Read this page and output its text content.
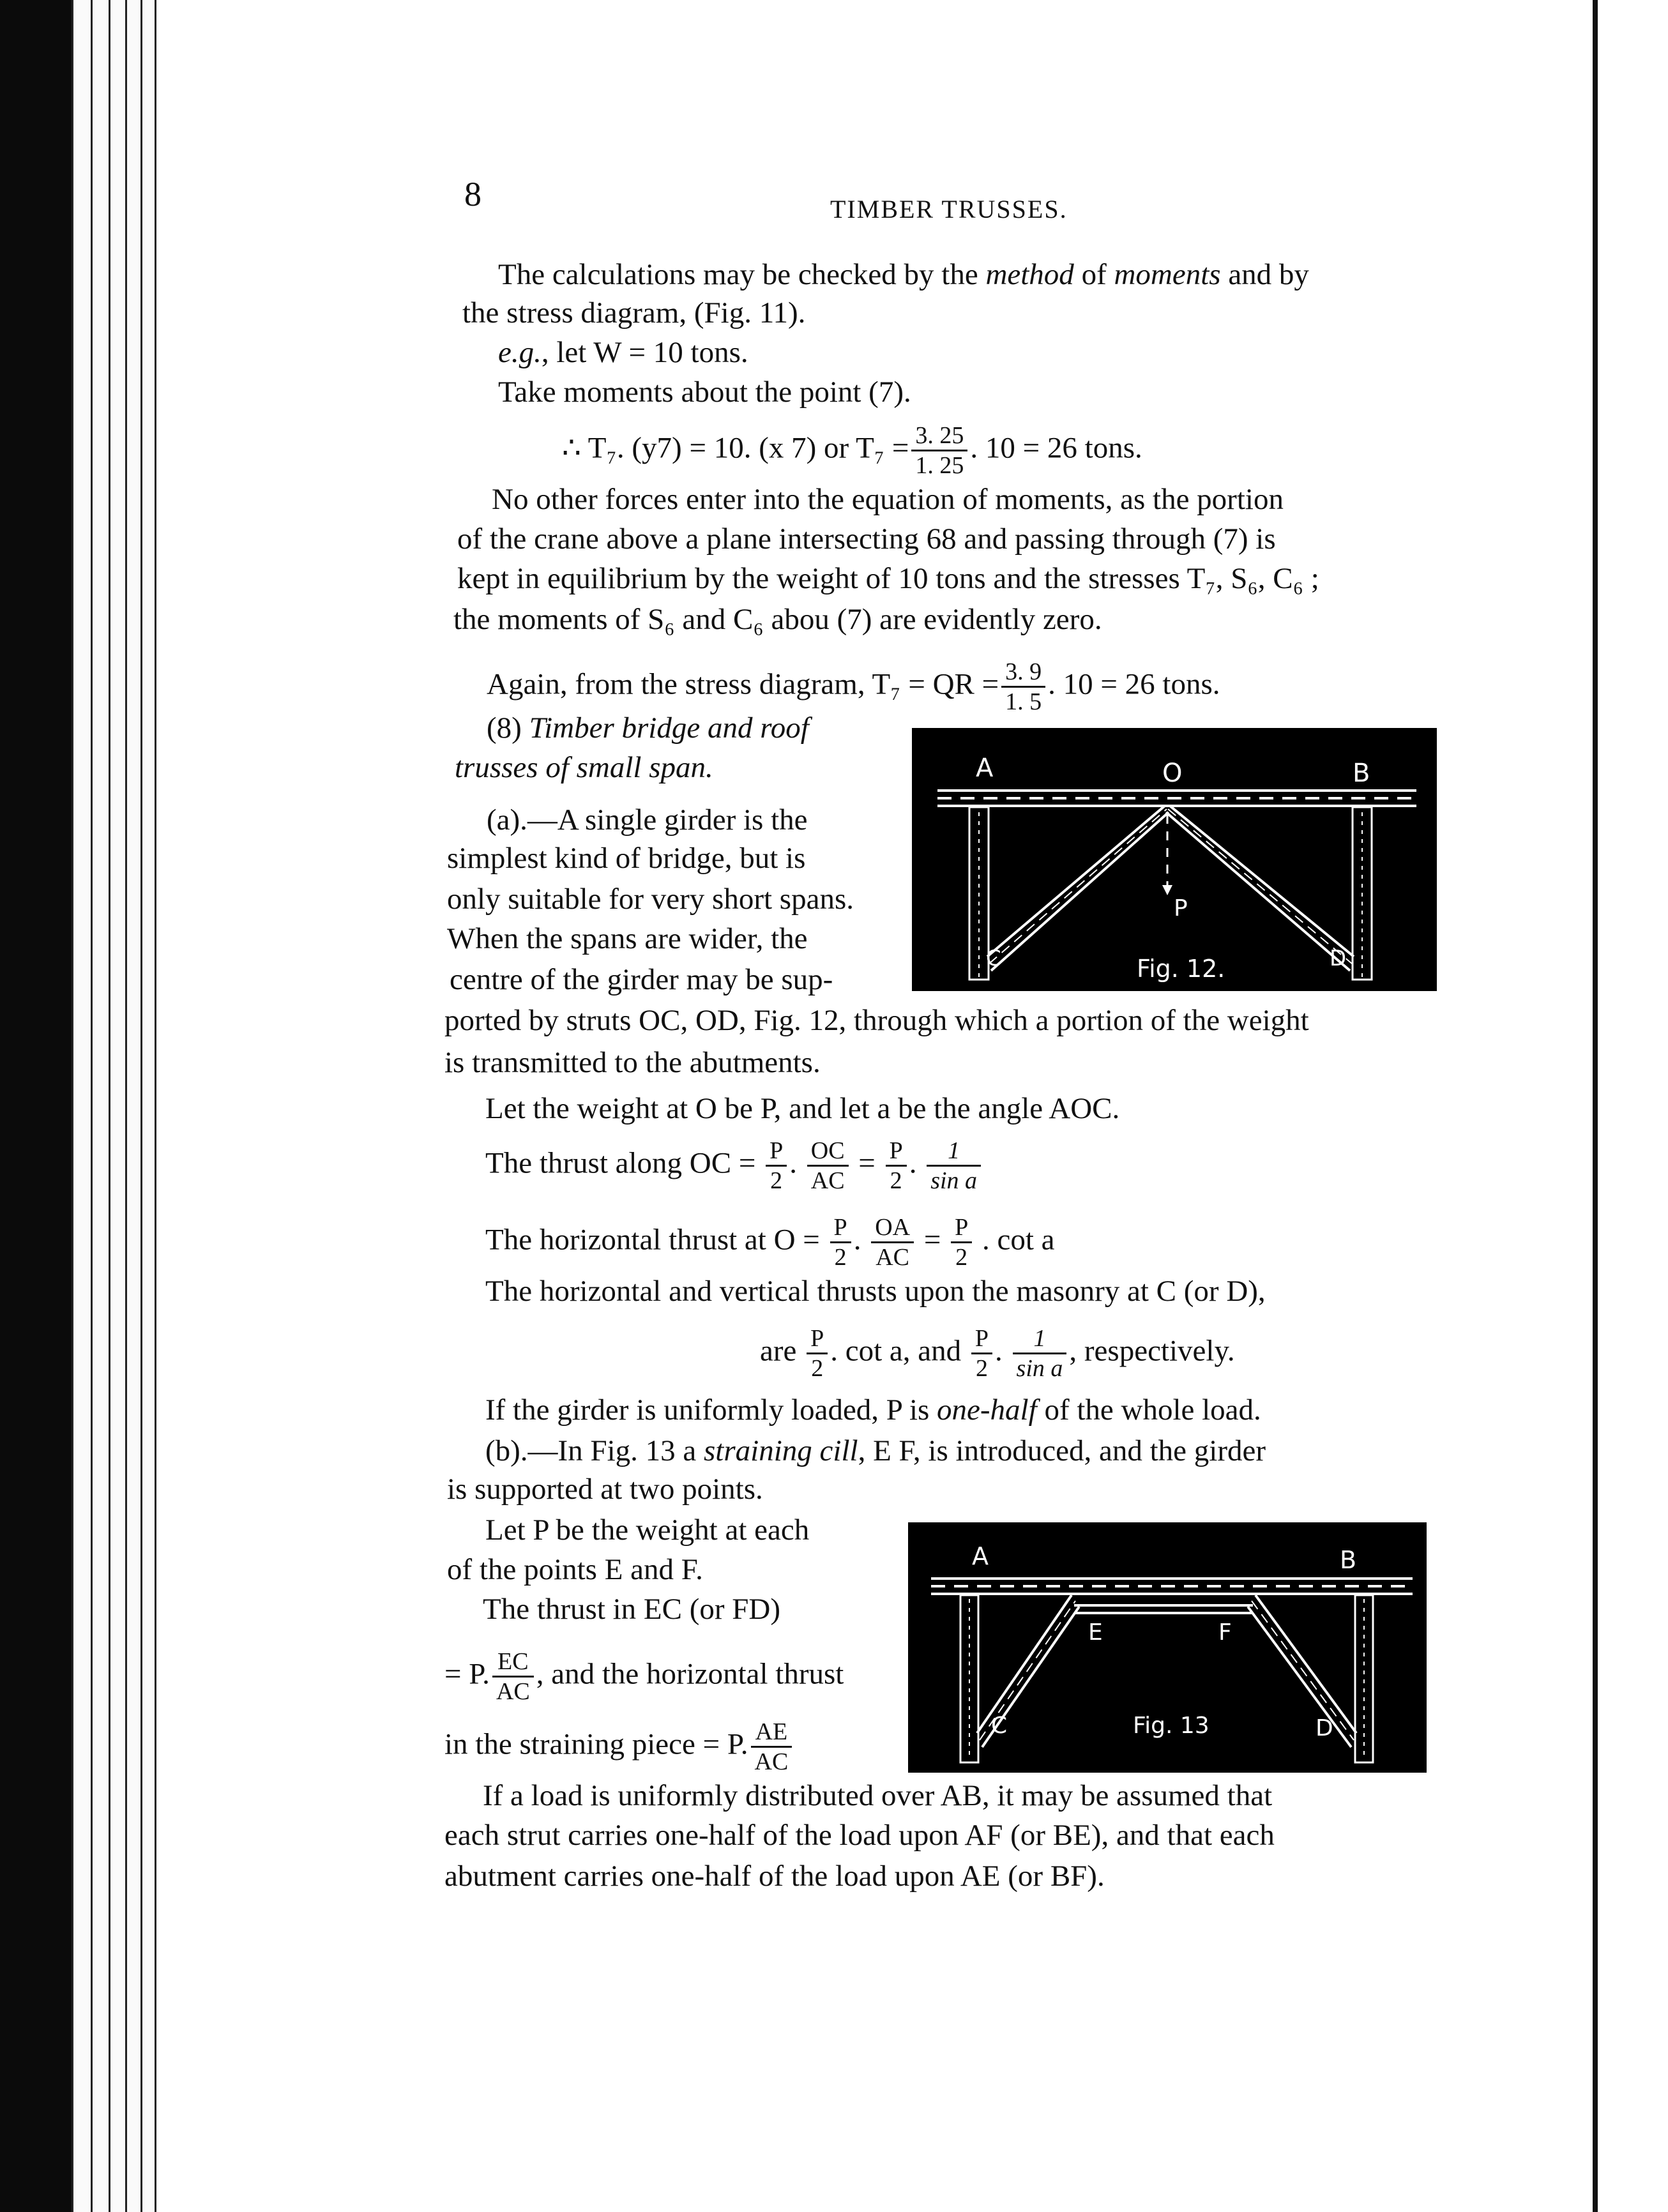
8	TIMBER TRUSSES.
The calculations may be checked by the method of moments and by
the stress diagram, (Fig. 11).
e.g., let W = 10 tons.
Take moments about the point (7).
∴ T₇. (y7) = 10. (x 7) or $T_7 = \frac{3. 25}{1. 25}$ . 10 = 26 tons.
No other forces enter into the equation of moments, as the portion
of the crane above a plane intersecting 68 and passing through (7) is
kept in equilibrium by the weight of 10 tons and the stresses T₇, S₆, C₆ ;
the moments of S₆ and C₆ abou (7) are evidently zero.
Again, from the stress diagram, T₇ = QR = $\frac{3. 9}{1. 5}$ . 10 = 26 tons.
(8) Timber bridge and roof
trusses of small span.
(a).—A single girder is the
simplest kind of bridge, but is
only suitable for very short spans.
When the spans are wider, the
centre of the girder may be sup-
A	O	B
P
C	D
Fig. 12.
ported by struts OC, OD, Fig. 12, through which a portion of the weight
is transmitted to the abutments.
Let the weight at O be P, and let a be the angle AOC.
The thrust along OC = $\frac{P}{2}$ . $\frac{OC}{AC} = \frac{P}{2}$ . $\frac{1}{\text{sin a}}$
The horizontal thrust at $O = \frac{P}{2}$ . $\frac{OA}{AC} = \frac{P}{2}$ . cot a
The horizontal and vertical thrusts upon the masonry at C (or D),
are $\frac{P}{2}$ . cot a, and $\frac{P}{2}$ . $\frac{1}{\text{sin a}}$ , respectively.
If the girder is uniformly loaded, P is one-half of the whole load.
(b).—In Fig. 13 a straining cill, E F, is introduced, and the girder
is supported at two points.
Let P be the weight at each
of the points E and F.
The thrust in EC (or FD)
= P. $\frac{EC}{AC}$ , and the horizontal thrust
in the straining piece = P. $\frac{AE}{AC}$
A	B
E	F
C	D
Fig. 13
If a load is uniformly distributed over AB, it may be assumed that
each strut carries one-half of the load upon AF (or BE), and that each
abutment carries one-half of the load upon AE (or BF).
